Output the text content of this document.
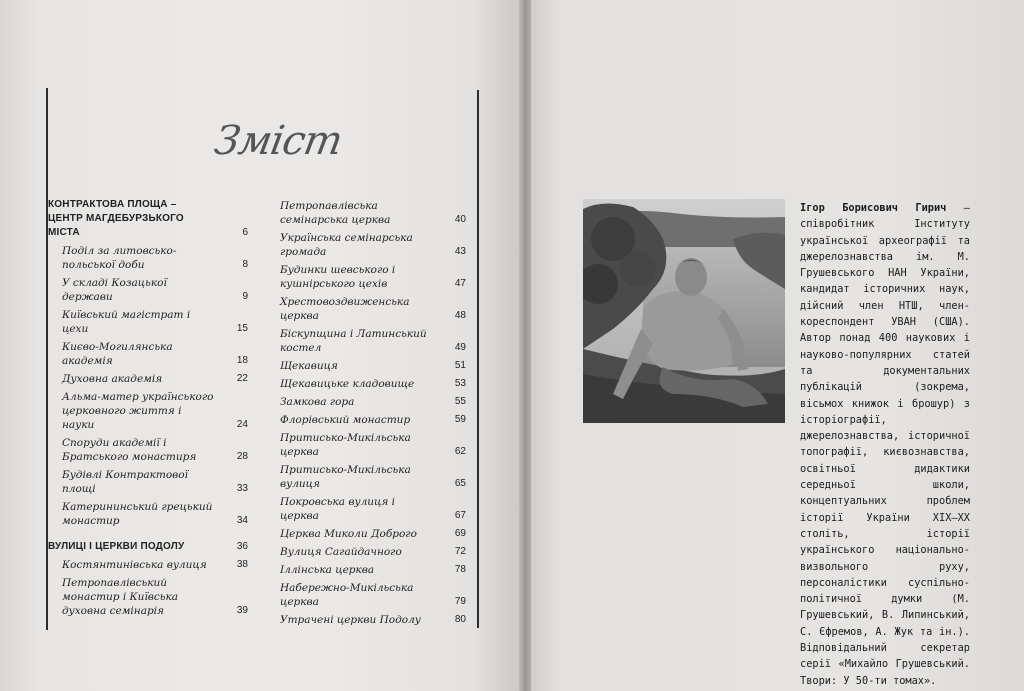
Зміст
КОНТРАКТОВА ПЛОЩА – ЦЕНТР МАГДЕБУРЗЬКОГО МІСТА	6
Поділ за литовсько-польської доби	8
У складі Козацької держави	9
Київський магістрат і цехи	15
Києво-Могилянська академія	18
Духовна академія	22
Альма-матер українського церковного життя і науки	24
Споруди академії і Братського монастиря	28
Будівлі Контрактової площі	33
Катерининський грецький монастир	34
ВУЛИЦІ І ЦЕРКВИ ПОДОЛУ	36
Костянтинівська вулиця	38
Петропавлівський монастир і Київська духовна семінарія	39
Петропавлівська семінарська церква	40
Українська семінарська громада	43
Будинки шевського і кушнірського цехів	47
Хрестовоздвиженська церква	48
Біскупщина і Латинський костел	49
Щекавиця	51
Щекавицьке кладовище	53
Замкова гора	55
Флорівський монастир	59
Притисько-Микільська церква	62
Притисько-Микільська вулиця	65
Покровська вулиця і церква	67
Церква Миколи Доброго	69
Вулиця Сагайдачного	72
Іллінська церква	78
Набережно-Микільська церква	79
Утрачені церкви Подолу	80
Ігор Борисович Гирич – співробітник Інституту української археографії та джерелознавства ім. М. Грушевського НАН України, кандидат історичних наук, дійсний член НТШ, член-кореспондент УВАН (США). Автор понад 400 наукових і науково-популярних статей та документальних публікацій (зокрема, вісьмох книжок і брошур) з історіографії, джерелознавства, історичної топографії, києвознавства, освітньої дидактики середньої школи, концептуальних проблем історії України XIX–XX століть, історії українського національно-визвольного руху, персоналістики суспільно-політичної думки (М. Грушевський, В. Липинський, С. Єфремов, А. Жук та ін.). Відповідальний секретар серії «Михайло Грушевський. Твори: У 50-ти томах».
